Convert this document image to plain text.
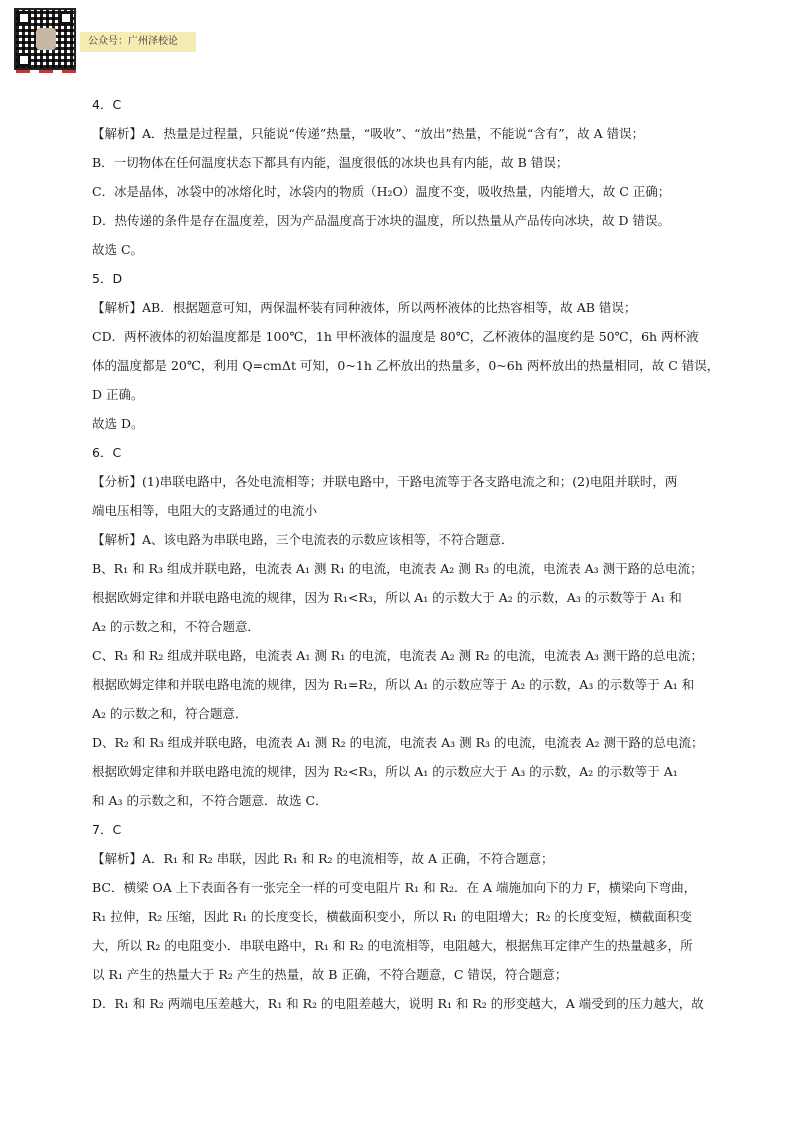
公众号：广州泽校论
4．C
【解析】A．热量是过程量，只能说“传递”热量，“吸收”、“放出”热量，不能说“含有”，故 A 错误；
B．一切物体在任何温度状态下都具有内能，温度很低的冰块也具有内能，故 B 错误；
C．冰是晶体，冰袋中的冰熔化时，冰袋内的物质（H₂O）温度不变，吸收热量，内能增大，故 C 正确；
D．热传递的条件是存在温度差，因为产品温度高于冰块的温度，所以热量从产品传向冰块，故 D 错误。
故选 C。
5．D
【解析】AB．根据题意可知，两保温杯装有同种液体，所以两杯液体的比热容相等，故 AB 错误；
CD．两杯液体的初始温度都是 100℃，1h 甲杯液体的温度是 80℃，乙杯液体的温度约是 50℃，6h 两杯液
体的温度都是 20℃，利用 Q=cmΔt 可知，0~1h 乙杯放出的热量多，0~6h 两杯放出的热量相同，故 C 错误，
D 正确。
故选 D。
6．C
【分析】(1)串联电路中，各处电流相等；并联电路中，干路电流等于各支路电流之和；(2)电阻并联时，两
端电压相等，电阻大的支路通过的电流小
【解析】A、该电路为串联电路，三个电流表的示数应该相等，不符合题意．
B、R₁ 和 R₃ 组成并联电路，电流表 A₁ 测 R₁ 的电流，电流表 A₂ 测 R₃ 的电流，电流表 A₃ 测干路的总电流；
根据欧姆定律和并联电路电流的规律，因为 R₁<R₃，所以 A₁ 的示数大于 A₂ 的示数，A₃ 的示数等于 A₁ 和
A₂ 的示数之和，不符合题意．
C、R₁ 和 R₂ 组成并联电路，电流表 A₁ 测 R₁ 的电流，电流表 A₂ 测 R₂ 的电流，电流表 A₃ 测干路的总电流；
根据欧姆定律和并联电路电流的规律，因为 R₁=R₂，所以 A₁ 的示数应等于 A₂ 的示数，A₃ 的示数等于 A₁ 和
A₂ 的示数之和，符合题意．
D、R₂ 和 R₃ 组成并联电路，电流表 A₁ 测 R₂ 的电流，电流表 A₃ 测 R₃ 的电流，电流表 A₂ 测干路的总电流；
根据欧姆定律和并联电路电流的规律，因为 R₂<R₃，所以 A₁ 的示数应大于 A₃ 的示数，A₂ 的示数等于 A₁
和 A₃ 的示数之和，不符合题意．故选 C．
7．C
【解析】A．R₁ 和 R₂ 串联，因此 R₁ 和 R₂ 的电流相等，故 A 正确，不符合题意；
BC．横梁 OA 上下表面各有一张完全一样的可变电阻片 R₁ 和 R₂．在 A 端施加向下的力 F，横梁向下弯曲，
R₁ 拉伸，R₂ 压缩，因此 R₁ 的长度变长，横截面积变小，所以 R₁ 的电阻增大；R₂ 的长度变短，横截面积变
大，所以 R₂ 的电阻变小．串联电路中，R₁ 和 R₂ 的电流相等，电阻越大，根据焦耳定律产生的热量越多，所
以 R₁ 产生的热量大于 R₂ 产生的热量，故 B 正确，不符合题意，C 错误，符合题意；
D．R₁ 和 R₂ 两端电压差越大，R₁ 和 R₂ 的电阻差越大，说明 R₁ 和 R₂ 的形变越大，A 端受到的压力越大，故
